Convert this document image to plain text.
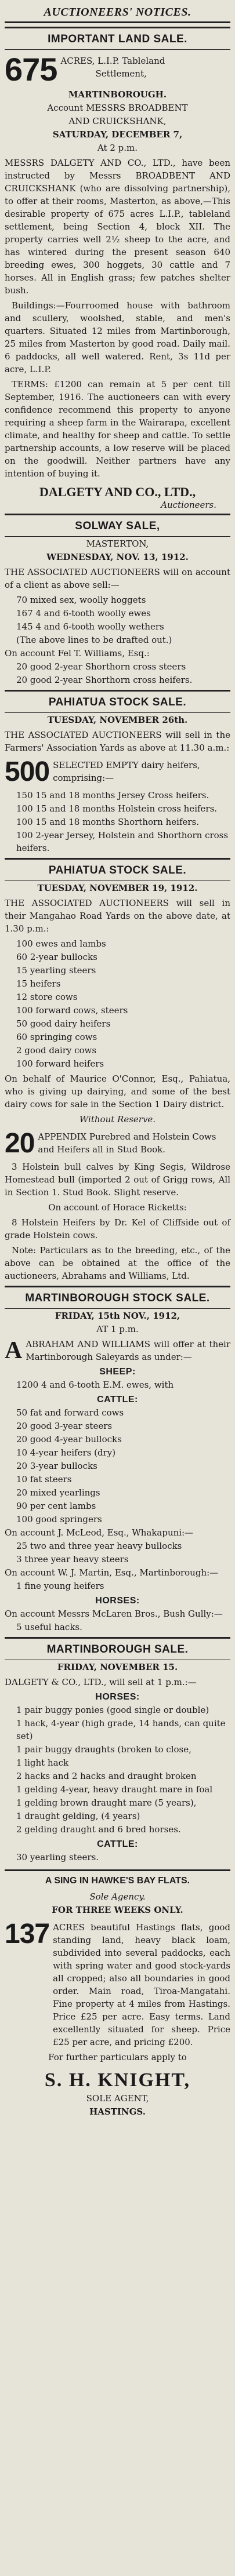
AUCTIONEERS' NOTICES.
IMPORTANT LAND SALE.
675 ACRES, L.I.P. Tableland
Settlement,
MARTINBOROUGH.
Account MESSRS BROADBENT
AND CRUICKSHANK,
SATURDAY, DECEMBER 7,
At 2 p.m.
MESSRS DALGETY AND CO., LTD., have been instructed by Messrs BROADBENT AND CRUICKSHANK (who are dissolving partnership), to offer at their rooms, Masterton, as above,—This desirable property of 675 acres L.I.P., tableland settlement, being Section 4, block XII. The property carries well 2½ sheep to the acre, and has wintered during the present season 640 breeding ewes, 300 hoggets, 30 cattle and 7 horses. All in English grass; few patches shelter bush.
Buildings:—Fourroomed house with bathroom and scullery, woolshed, stable, and men's quarters. Situated 12 miles from Martinborough, 25 miles from Masterton by good road. Daily mail. 6 paddocks, all well watered. Rent, 3s 11d per acre, L.I.P.
TERMS: £1200 can remain at 5 per cent till September, 1916. The auctioneers can with every confidence recommend this property to anyone requiring a sheep farm in the Wairarapa, excellent climate, and healthy for sheep and cattle. To settle partnership accounts, a low reserve will be placed on the goodwill. Neither partners have any intention of buying it.
DALGETY AND CO., LTD.,
Auctioneers.
SOLWAY SALE,
MASTERTON,
WEDNESDAY, NOV. 13, 1912.
THE ASSOCIATED AUCTIONEERS will on account of a client as above sell:—
70 mixed sex, woolly hoggets
167 4 and 6-tooth woolly ewes
145 4 and 6-tooth woolly wethers
(The above lines to be drafted out.)
On account Fel T. Williams, Esq.:
20 good 2-year Shorthorn cross steers
20 good 2-year Shorthorn cross heifers.
PAHIATUA STOCK SALE.
TUESDAY, NOVEMBER 26th.
THE ASSOCIATED AUCTIONEERS will sell in the Farmers' Association Yards as above at 11.30 a.m.:
500 SELECTED EMPTY dairy heifers, comprising:—
150 15 and 18 months Jersey Cross heifers.
100 15 and 18 months Holstein cross heifers.
100 15 and 18 months Shorthorn heifers.
100 2-year Jersey, Holstein and Shorthorn cross heifers.
PAHIATUA STOCK SALE.
TUESDAY, NOVEMBER 19, 1912.
THE ASSOCIATED AUCTIONEERS will sell in their Mangahao Road Yards on the above date, at 1.30 p.m.:
100 ewes and lambs
60 2-year bullocks
15 yearling steers
15 heifers
12 store cows
100 forward cows, steers
50 good dairy heifers
60 springing cows
2 good dairy cows
100 forward heifers
On behalf of Maurice O'Connor, Esq., Pahiatua, who is giving up dairying, and some of the best dairy cows for sale in the Section 1 Dairy district.
Without Reserve.
20 APPENDIX Purebred and Holstein Cows and Heifers all in Stud Book.
3 Holstein bull calves by King Segis, Wildrose Homestead bull (imported 2 out of Grigg rows, All in Section 1. Stud Book. Slight reserve.
On account of Horace Ricketts:
8 Holstein Heifers by Dr. Kel of Cliffside out of grade Holstein cows.
Note: Particulars as to the breeding, etc., of the above can be obtained at the office of the auctioneers, Abrahams and Williams, Ltd.
MARTINBOROUGH STOCK SALE.
FRIDAY, 15th NOV., 1912,
AT 1 p.m.
A ABRAHAM AND WILLIAMS will offer at their Martinborough Saleyards as under:—
SHEEP:
1200 4 and 6-tooth E.M. ewes, with
CATTLE:
50 fat and forward cows
20 good 3-year steers
20 good 4-year bullocks
10 4-year heifers (dry)
20 3-year bullocks
10 fat steers
20 mixed yearlings
90 per cent lambs
100 good springers
On account J. McLeod, Esq., Whakapuni:—
25 two and three year heavy bullocks
3 three year heavy steers
On account W. J. Martin, Esq., Martinborough:—
1 fine young heifers
HORSES:
On account Messrs McLaren Bros., Bush Gully:—
5 useful hacks.
MARTINBOROUGH SALE.
FRIDAY, NOVEMBER 15.
DALGETY & CO., LTD., will sell at 1 p.m.:—
HORSES:
1 pair buggy ponies (good single or double)
1 hack, 4-year (high grade, 14 hands, can quite set)
1 pair buggy draughts (broken to close,
1 light hack
2 hacks and 2 hacks and draught broken
1 gelding 4-year, heavy draught mare in foal
1 gelding brown draught mare (5 years),
1 draught gelding, (4 years)
2 gelding draught and 6 bred horses.
CATTLE:
30 yearling steers.
A SING IN HAWKE'S BAY FLATS.
Sole Agency.
FOR THREE WEEKS ONLY.
137 ACRES beautiful Hastings flats, good standing land, heavy black loam, subdivided into several paddocks, each with spring water and good stock-yards all cropped; also all boundaries in good order. Main road, Tiroa-Mangatahi. Fine property at 4 miles from Hastings. Price £25 per acre. Easy terms. Land excellently situated for sheep. Price £25 per acre, and pricing £200.
For further particulars apply to
S. H. KNIGHT,
SOLE AGENT,
HASTINGS.
